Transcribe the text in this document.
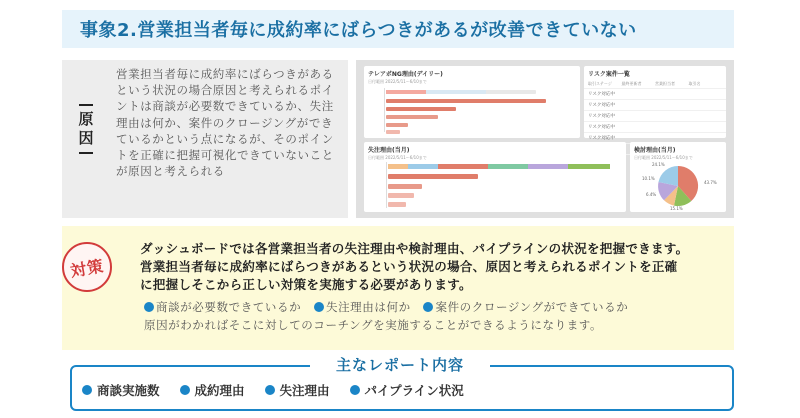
事象2.営業担当者毎に成約率にばらつきがあるが改善できていない
原
因
営業担当者毎に成約率にばらつきがあるという状況の場合原因と考えられるポイントは商談が必要数できているか、失注理由は何か、案件のクロージングができているかという点になるが、そのポイントを正確に把握可視化できていないことが原因と考えられる
テレアポNG理由(デイリー)
日付範囲 2022/5/11〜6/10まで
リスク案件一覧
取引ステージ	最終更新者	営業担当者	取引名
リスク対応中
リスク対応中
リスク対応中
リスク対応中
リスク対応中
失注理由(当月)
日付範囲 2022/5/11〜6/10まで
検討理由(当月)
日付範囲 2022/5/11〜6/10まで
43.7%
15.1%
6.4%
10.1%
24.1%
対策
ダッシュボードでは各営業担当者の失注理由や検討理由、パイプラインの状況を把握できます。
営業担当者毎に成約率にばらつきがあるという状況の場合、原因と考えられるポイントを正確
に把握しそこから正しい対策を実施する必要があります。
商談が必要数できているか 失注理由は何か 案件のクロージングができているか
原因がわかればそこに対してのコーチングを実施することができるようになります。
主なレポート内容
商談実施数	成約理由	失注理由	パイプライン状況
